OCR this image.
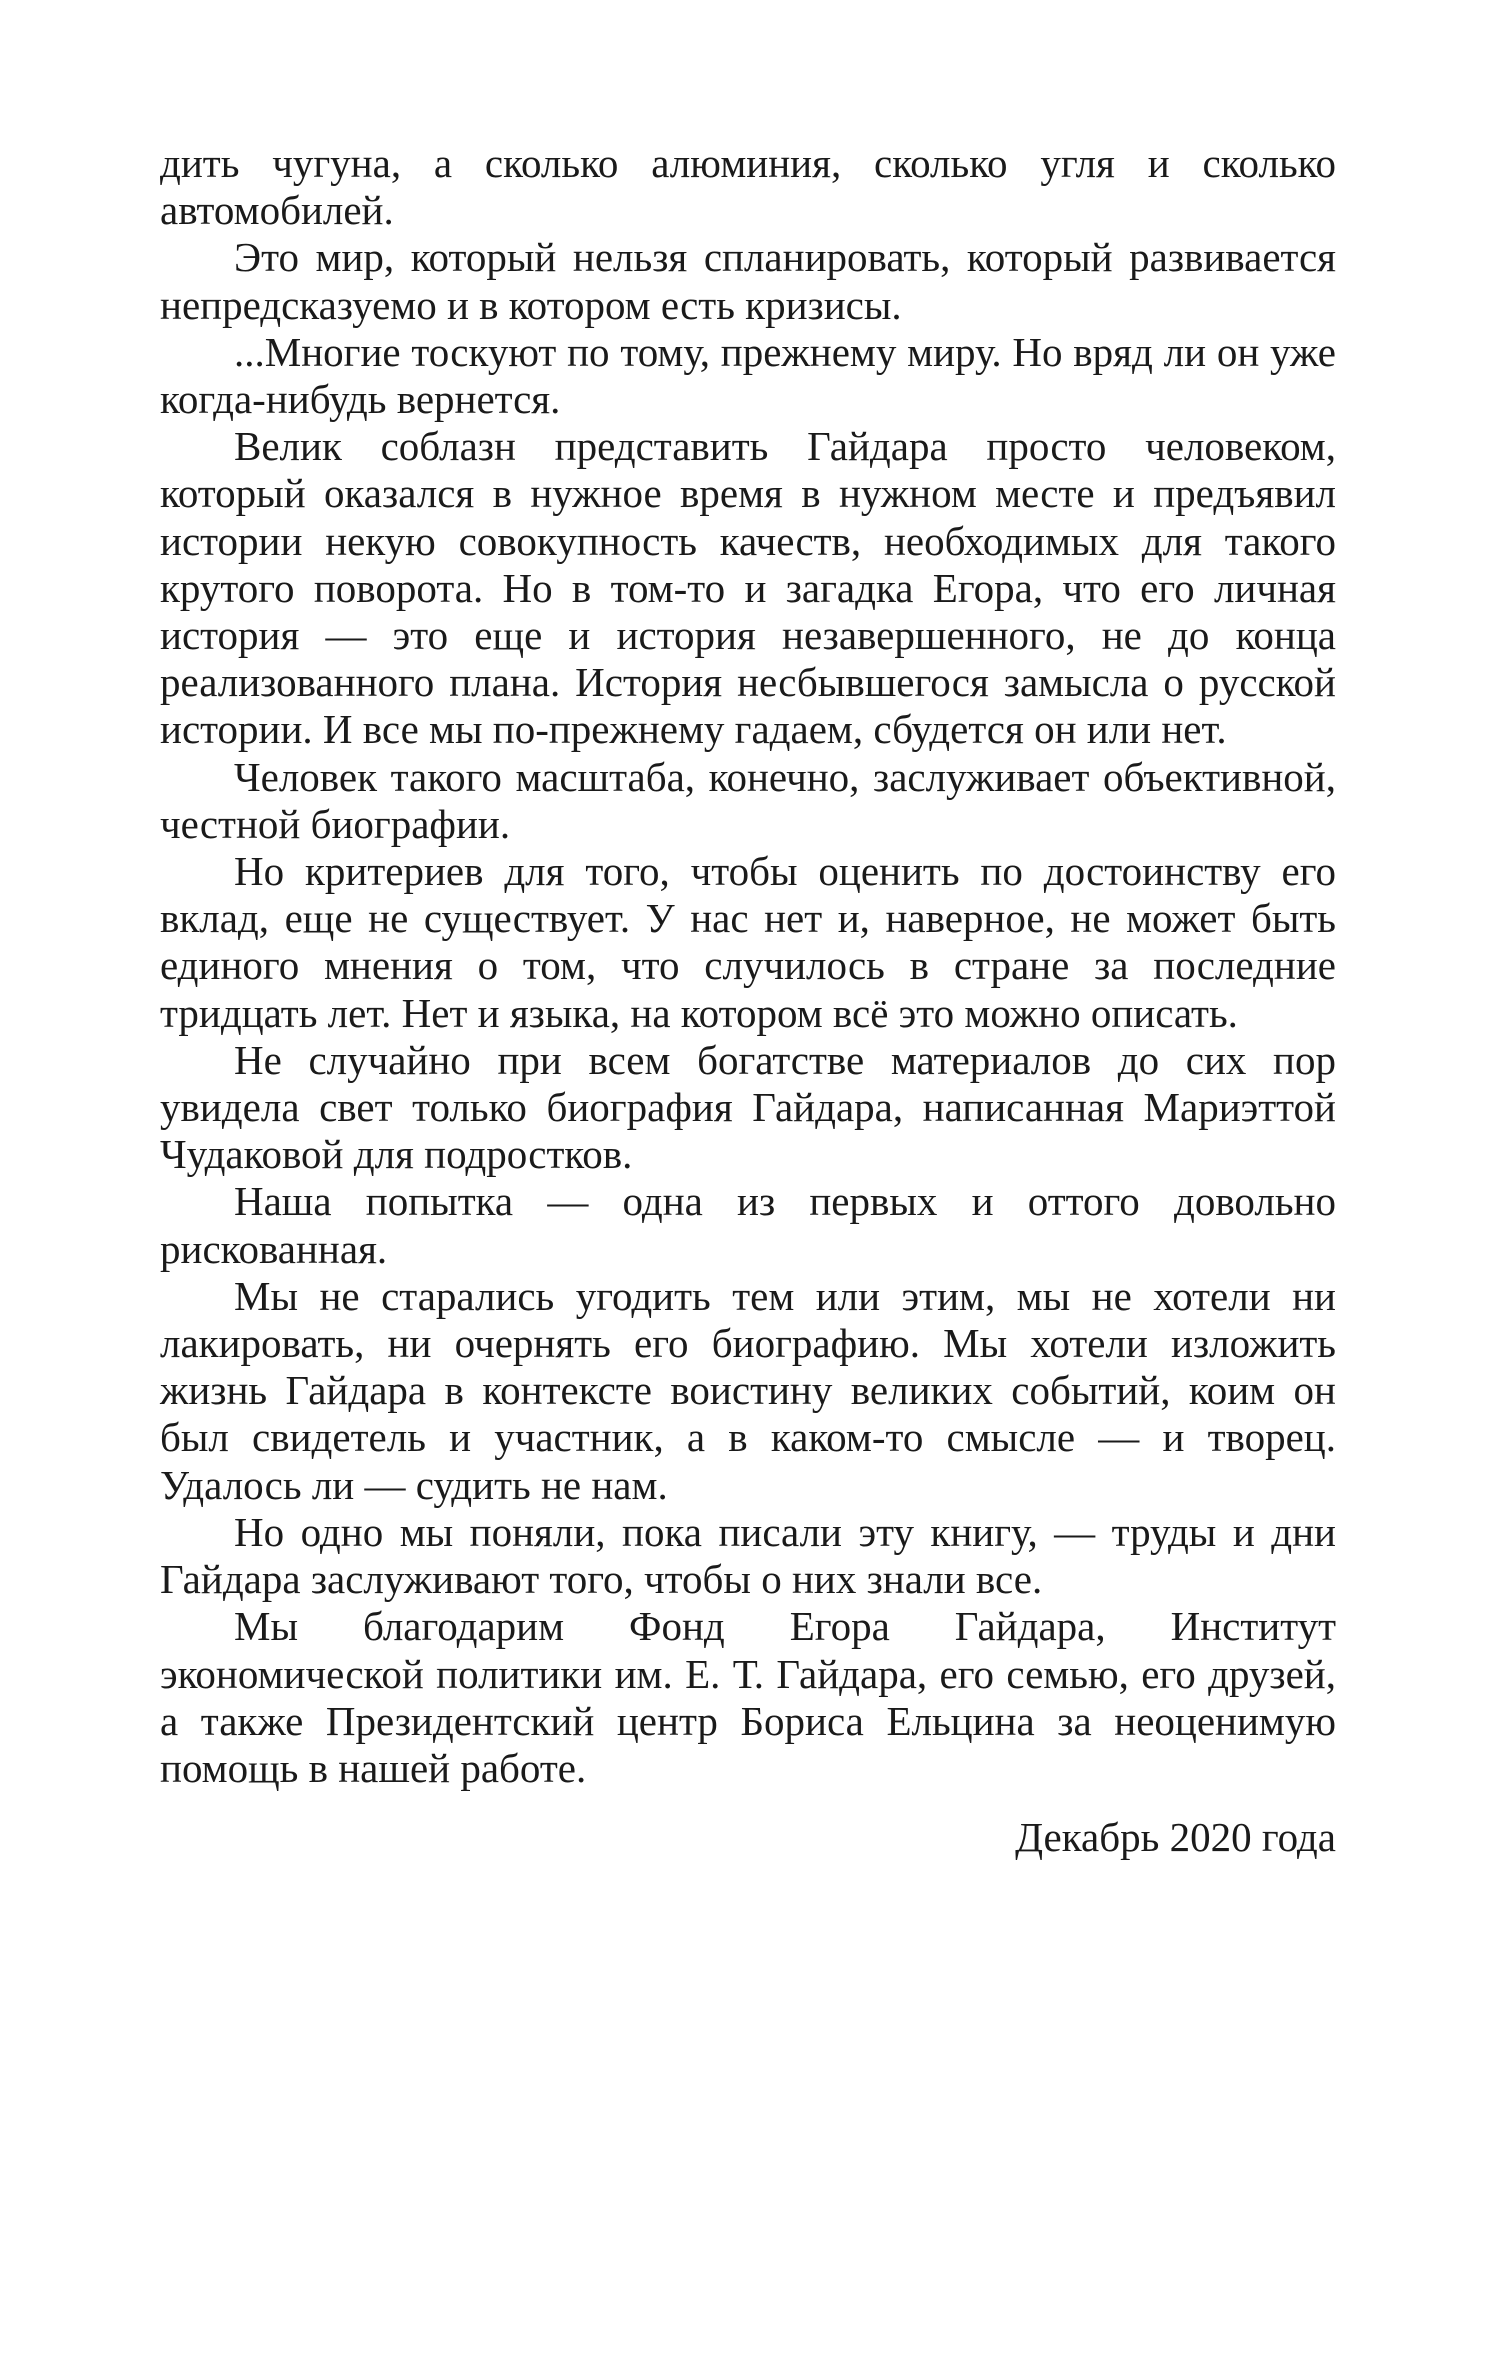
дить чугуна, а сколько алюминия, сколько угля и сколько автомобилей.

Это мир, который нельзя спланировать, который развивается непредсказуемо и в котором есть кризисы.

...Многие тоскуют по тому, прежнему миру. Но вряд ли он уже когда-нибудь вернется.

Велик соблазн представить Гайдара просто человеком, который оказался в нужное время в нужном месте и предъявил истории некую совокупность качеств, необходимых для такого крутого поворота. Но в том-то и загадка Егора, что его личная история — это еще и история незавершенного, не до конца реализованного плана. История несбывшегося замысла о русской истории. И все мы по-прежнему гадаем, сбудется он или нет.

Человек такого масштаба, конечно, заслуживает объективной, честной биографии.

Но критериев для того, чтобы оценить по достоинству его вклад, еще не существует. У нас нет и, наверное, не может быть единого мнения о том, что случилось в стране за последние тридцать лет. Нет и языка, на котором всё это можно описать.

Не случайно при всем богатстве материалов до сих пор увидела свет только биография Гайдара, написанная Мариэттой Чудаковой для подростков.

Наша попытка — одна из первых и оттого довольно рискованная.

Мы не старались угодить тем или этим, мы не хотели ни лакировать, ни очернять его биографию. Мы хотели изложить жизнь Гайдара в контексте воистину великих событий, коим он был свидетель и участник, а в каком-то смысле — и творец. Удалось ли — судить не нам.

Но одно мы поняли, пока писали эту книгу, — труды и дни Гайдара заслуживают того, чтобы о них знали все.

Мы благодарим Фонд Егора Гайдара, Институт экономической политики им. Е. Т. Гайдара, его семью, его друзей, а также Президентский центр Бориса Ельцина за неоценимую помощь в нашей работе.

Декабрь 2020 года
